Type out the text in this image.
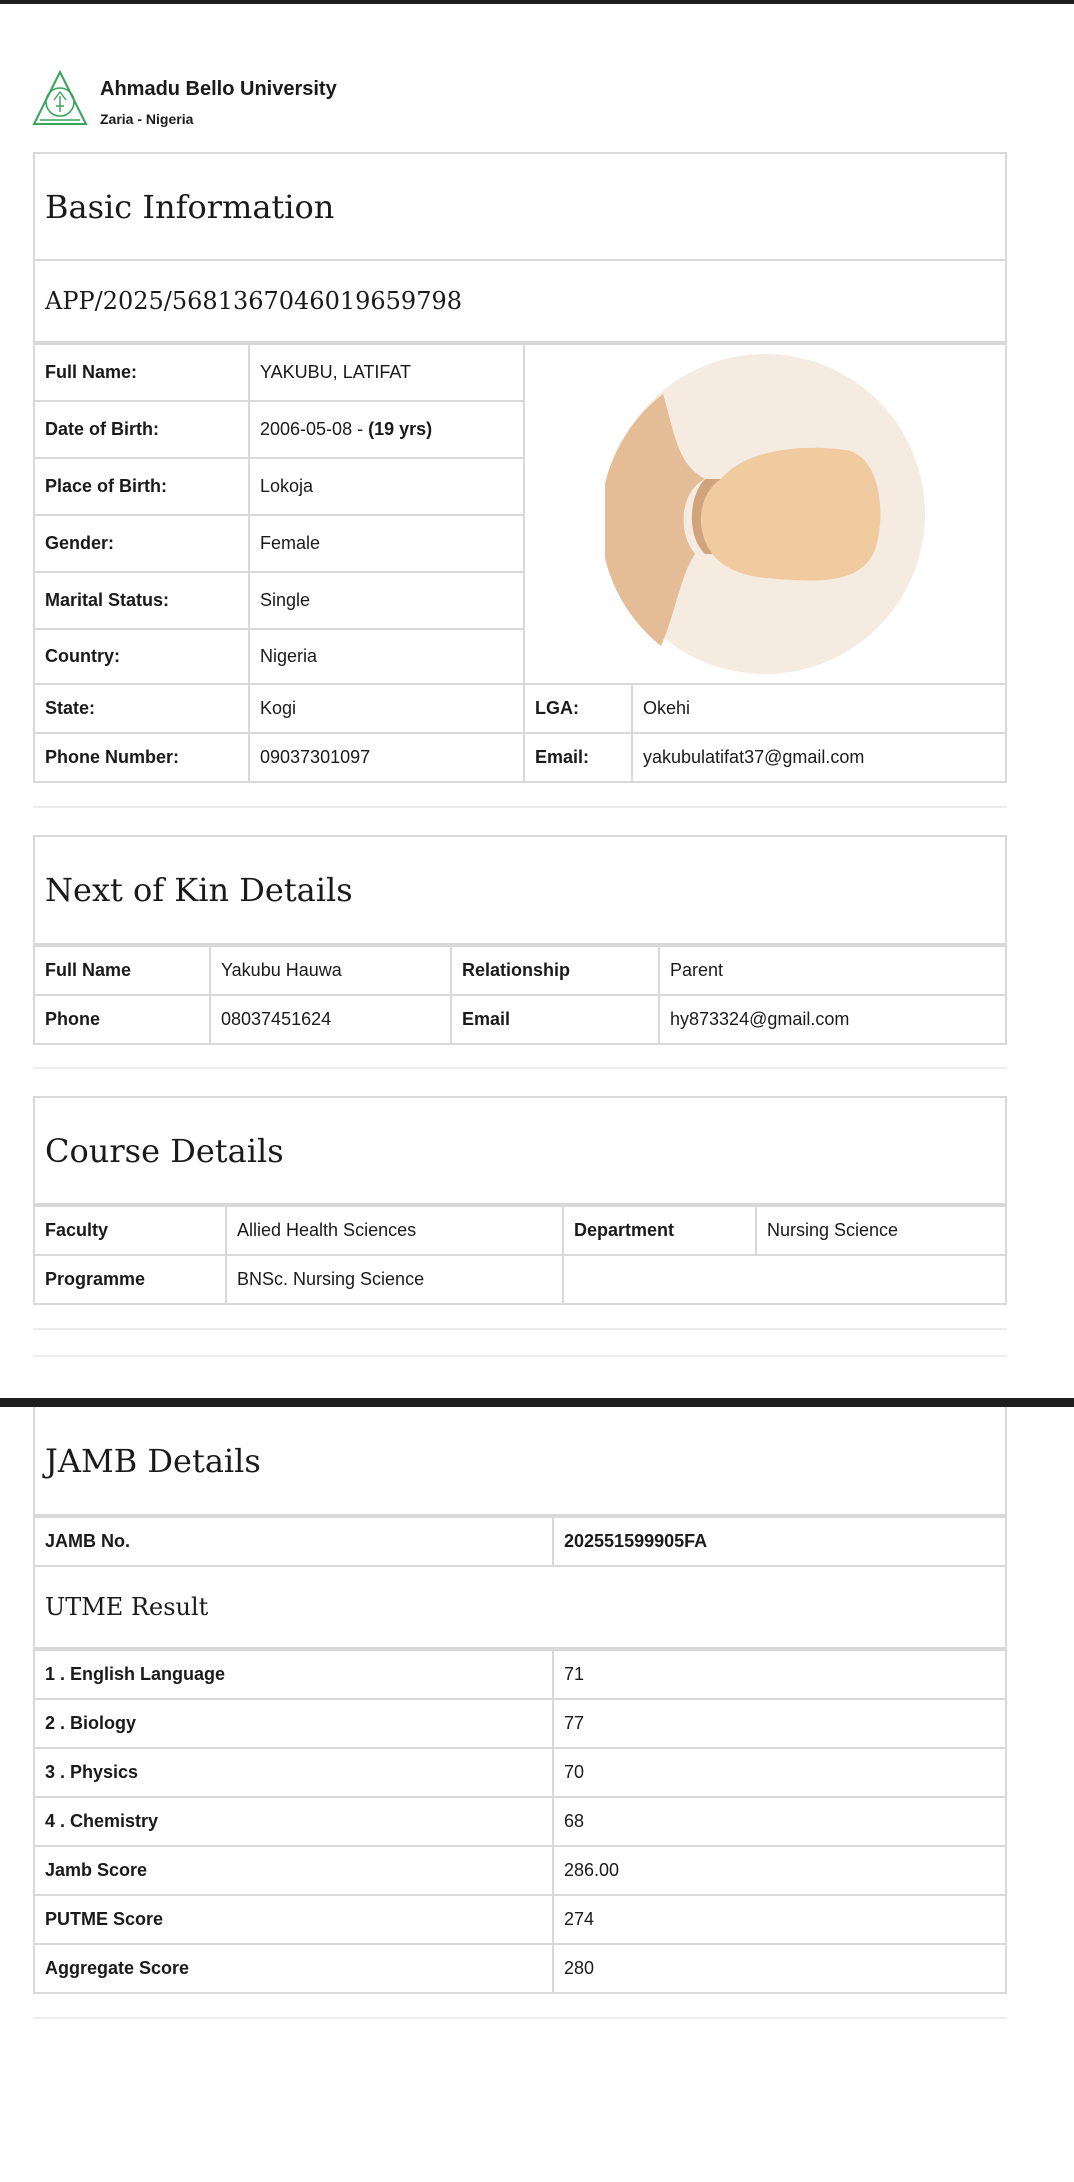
Ahmadu Bello University
Zaria - Nigeria
Basic Information
APP/2025/5681367046019659798
Full Name:	YAKUBU, LATIFAT	

Date of Birth:	2006-05-08 - (19 yrs)		
Place of Birth:	Lokoja		
Gender:	Female		
Marital Status:	Single		
Country:	Nigeria		
State:	Kogi	LGA:	Okehi
Phone Number:	09037301097	Email:	yakubulatifat37@gmail.com
Next of Kin Details
Full Name	Yakubu Hauwa	Relationship	Parent
Phone	08037451624	Email	hy873324@gmail.com
Course Details
Faculty	Allied Health Sciences	Department	Nursing Science
Programme	BNSc. Nursing Science		
JAMB Details
JAMB No.	202551599905FA
UTME Result
1 . English Language	71
2 . Biology	77
3 . Physics	70
4 . Chemistry	68
Jamb Score	286.00
PUTME Score	274
Aggregate Score	280
